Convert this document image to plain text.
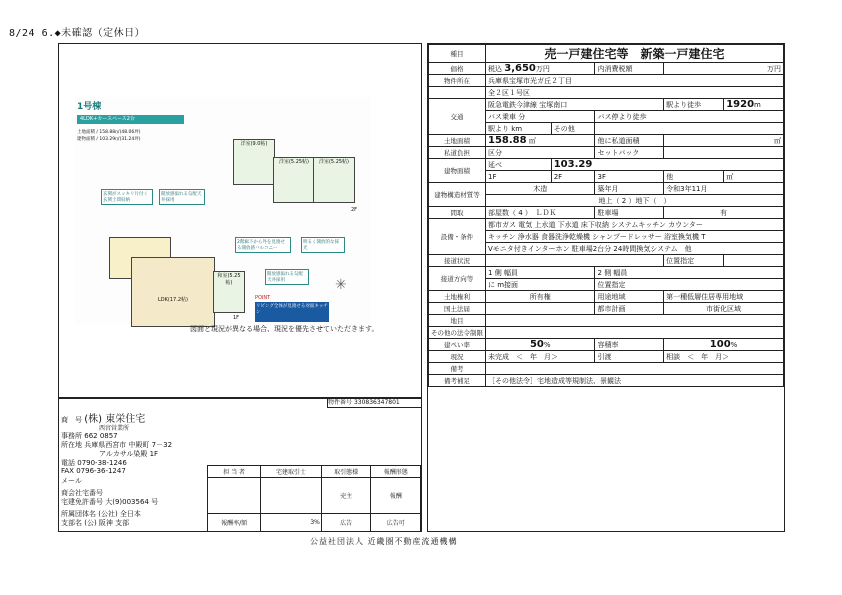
8/24 6.◆未確認（定休日）
1号棟
4LDK+カースペース2台
土地面積 / 158.88㎡(48.06坪)
建物面積 / 103.29㎡(31.24坪)
洋室(9.0帖)
洋室(5.25帖)	洋室(5.25帖)
2F
LDK(17.2帖)
和室(5.25帖)
1F
玄関がスッキリ片付く玄関土間収納
開放感溢れる勾配天井採用
2階廊下から外を見渡せる開放感バルコニー
明るく開放的な採光
開放感溢れる勾配天井採用
POINT
リビング全体が見渡せる対面キッチン
✳
図面と現況が異なる場合、現況を優先させていただきます。
物件番号 330836347801
商　号 (株) 東栄住宅
西宮営業所
事務所 662 0857
所在地 兵庫県西宮市 中殿町 7－32
アルカサル染殿 1F
電話 0790-38-1246
FAX 0796-36-1247
メール
商会社宅番号
宅建免許番号 大(9)003564 号
所属団体名 (公社) 全日本
支部名 (公) 阪神 支部
担 当 者	宅建取引士	取引態様	報酬形態
		売主	報酬
報酬率/額	3%	広告	広告可
種目	売一戸建住宅等　新築一戸建住宅				
価格	税込 3,650万円		内消費税額	万円	
物件所在	兵庫県宝塚市光ガ丘２丁目				
	全２区１号区				
交通	阪急電鉄今津線 宝塚南口			駅より徒歩	1920m
	バス乗車 分		バス停より徒歩		
	駅より km	その他			
土地面積	158.88 ㎡		他に私道面積	㎡	
私道負担	区分		セットバック		
建物面積	延べ	103.29			
	1F	2F	3F	他	㎡
建物構造材質等	木造		築年月	令和3年11月	
	地上（ 2 ）地下（　）				
間取	部屋数（ 4 ）　ＬＤＫ		駐車場	有	
設備・条件	都市ガス 電気 上水道 下水道 床下収納 システムキッチン カウンター				
	キッチン 浄水器 食器洗浄乾燥機 シャンプードレッサー 浴室換気機 T				
	Vモニタ付きインターホン 駐車場2台分 24時間換気システム　他				
接道状況				位置指定	
接道方向等	1 側 幅員		2 側 幅員		
	に m接面		位置指定		
土地権利	所有権		用途地域	第一種低層住居専用地域	
国土法届			都市計画	市街化区域	
地目					
その他の法令制限					
建ぺい率	50%		容積率	100%	
現況	未完成　＜　年　月＞		引渡	相談　＜　年　月＞	
備考					
備考補足	［その他法令］宅地造成等規制法、景観法				
公益社団法人 近畿圏不動産流通機構
